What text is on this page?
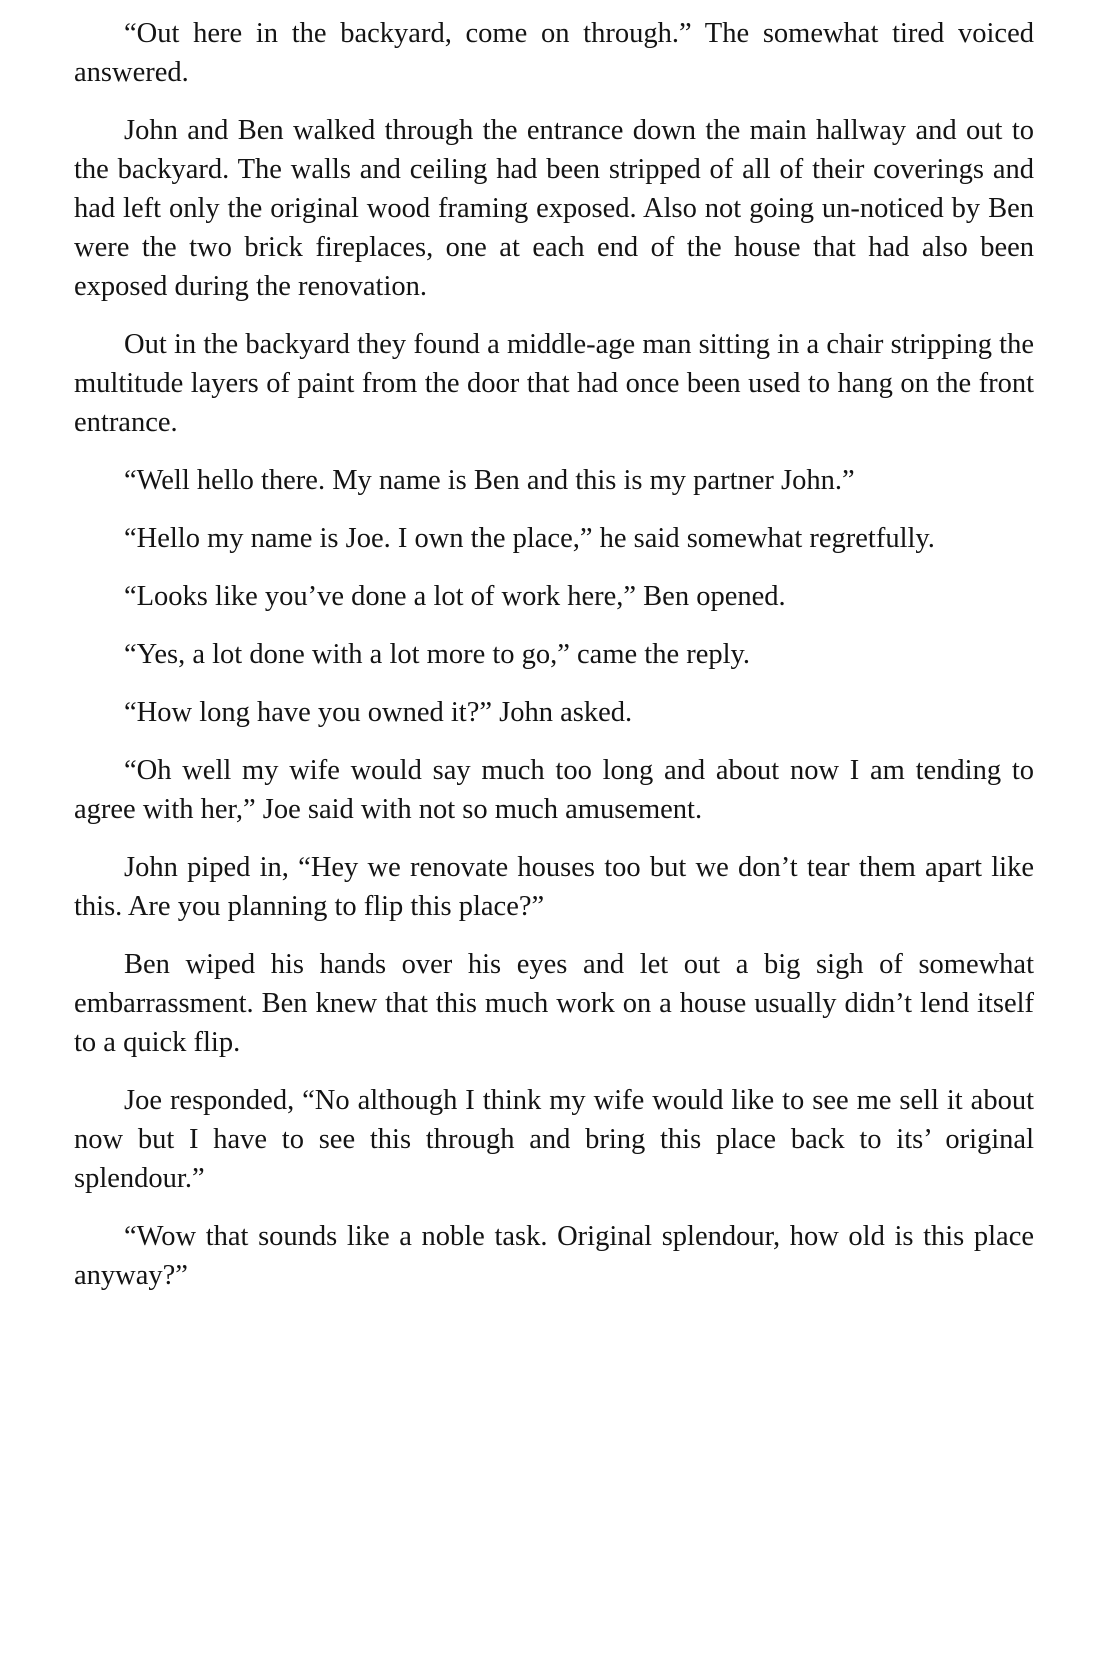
“Out here in the backyard, come on through.” The somewhat tired voiced answered.

John and Ben walked through the entrance down the main hallway and out to the backyard. The walls and ceiling had been stripped of all of their coverings and had left only the original wood framing exposed. Also not going un-noticed by Ben were the two brick fireplaces, one at each end of the house that had also been exposed during the renovation.

Out in the backyard they found a middle-age man sitting in a chair stripping the multitude layers of paint from the door that had once been used to hang on the front entrance.

“Well hello there. My name is Ben and this is my partner John.”

“Hello my name is Joe. I own the place,” he said somewhat regretfully.

“Looks like you’ve done a lot of work here,” Ben opened.

“Yes, a lot done with a lot more to go,” came the reply.

“How long have you owned it?” John asked.

“Oh well my wife would say much too long and about now I am tending to agree with her,” Joe said with not so much amusement.

John piped in, “Hey we renovate houses too but we don’t tear them apart like this. Are you planning to flip this place?”

Ben wiped his hands over his eyes and let out a big sigh of somewhat embarrassment. Ben knew that this much work on a house usually didn’t lend itself to a quick flip.

Joe responded, “No although I think my wife would like to see me sell it about now but I have to see this through and bring this place back to its’ original splendour.”

“Wow that sounds like a noble task. Original splendour, how old is this place anyway?”
